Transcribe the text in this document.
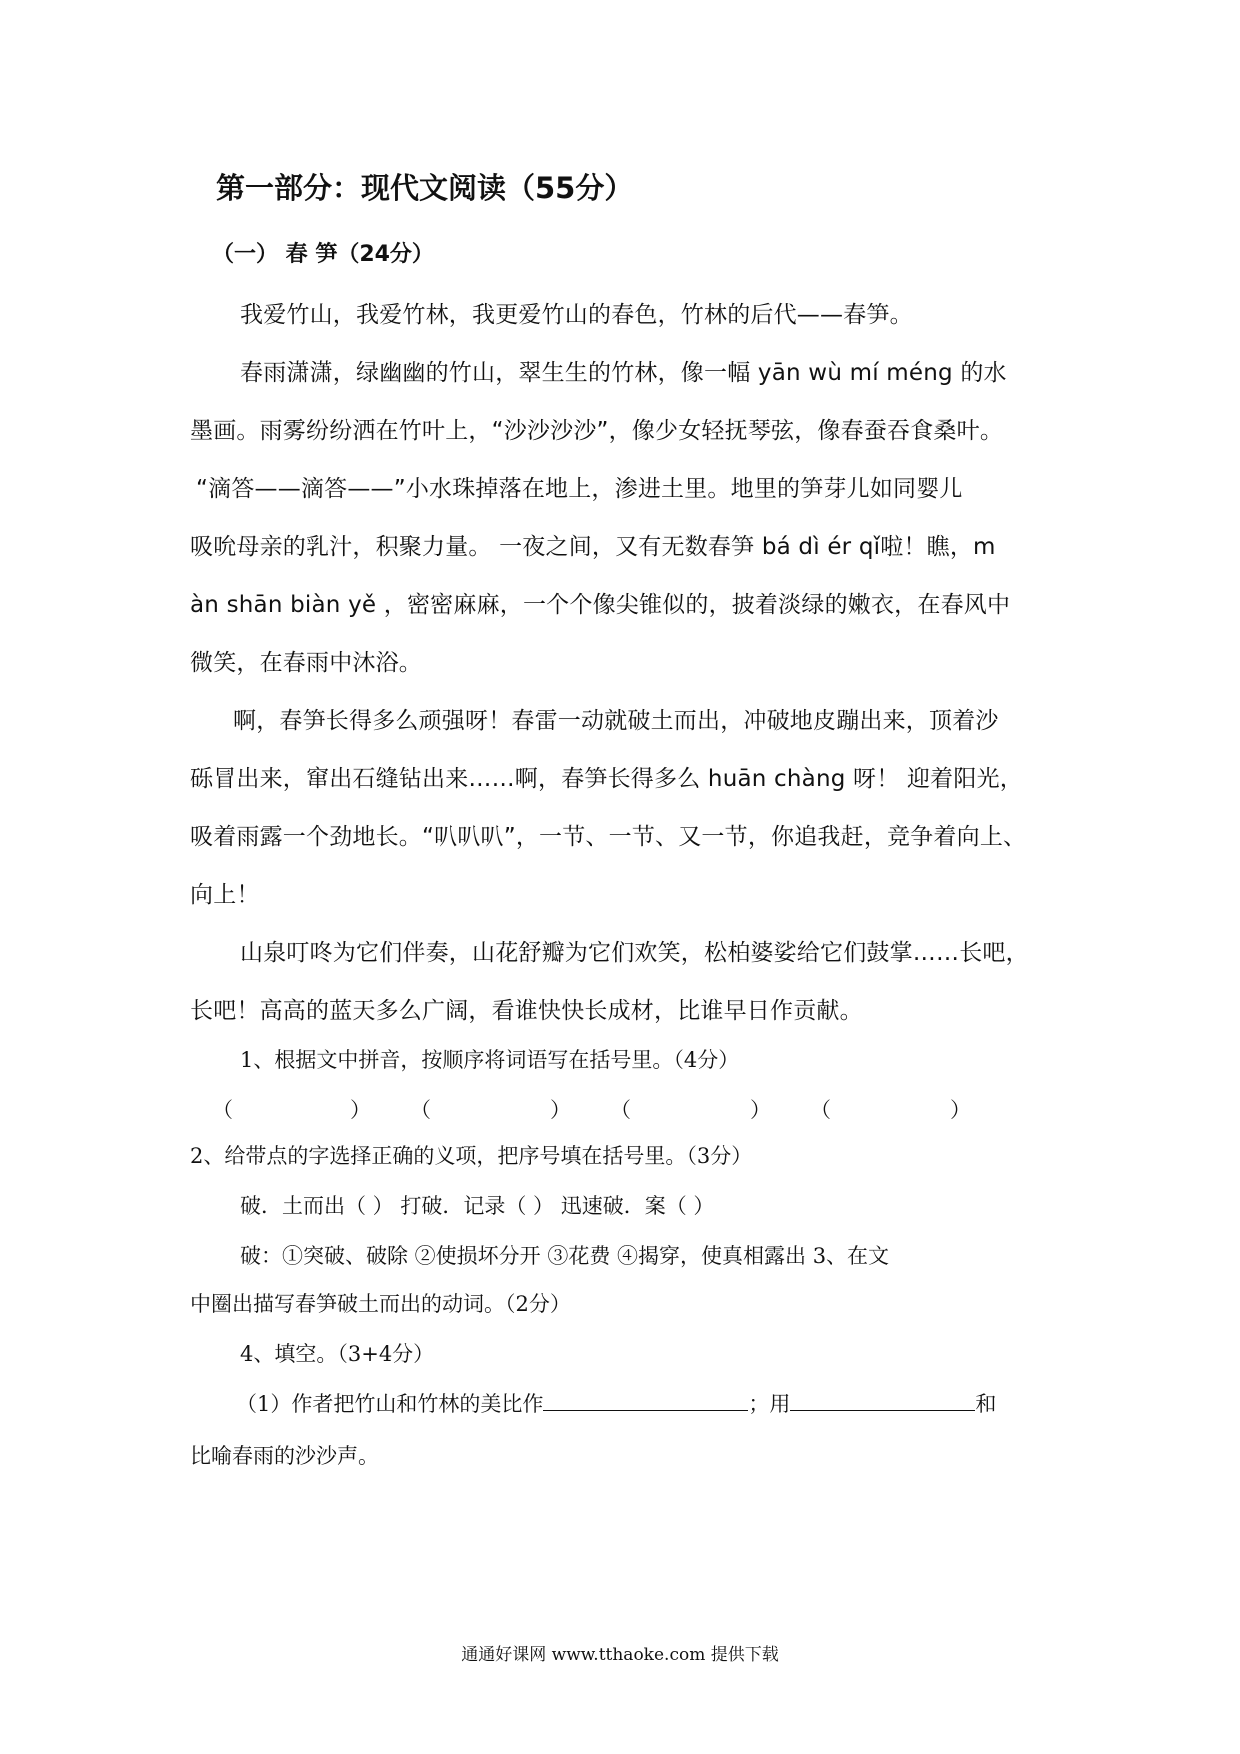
第一部分：现代文阅读（55分）
（一） 春 笋（24分）
我爱竹山，我爱竹林，我更爱竹山的春色，竹林的后代——春笋。
春雨潇潇，绿幽幽的竹山，翠生生的竹林，像一幅 yān wù mí méng 的水
墨画。雨雾纷纷洒在竹叶上，“沙沙沙沙”，像少女轻抚琴弦，像春蚕吞食桑叶。
“滴答——滴答——”小水珠掉落在地上，渗进土里。地里的笋芽儿如同婴儿
吸吮母亲的乳汁，积聚力量。 一夜之间，又有无数春笋 bá dì ér qǐ啦！瞧，m
àn shān biàn yě ，密密麻麻，一个个像尖锥似的，披着淡绿的嫩衣，在春风中
微笑，在春雨中沐浴。
啊，春笋长得多么顽强呀！春雷一动就破土而出，冲破地皮蹦出来，顶着沙
砾冒出来，窜出石缝钻出来……啊，春笋长得多么 huān chàng 呀！ 迎着阳光，
吸着雨露一个劲地长。“叭叭叭”，一节、一节、又一节，你追我赶，竞争着向上、
向上！
山泉叮咚为它们伴奏，山花舒瓣为它们欢笑，松柏婆娑给它们鼓掌……长吧，
长吧！高高的蓝天多么广阔，看谁快快长成材，比谁早日作贡献。
1、根据文中拼音，按顺序将词语写在括号里。（4分）
（	） （	） （	） （	）
2、给带点的字选择正确的义项，把序号填在括号里。（3分）
破．土而出（ ） 打破．记录（ ） 迅速破．案（ ）
破：①突破、破除 ②使损坏分开 ③花费 ④揭穿，使真相露出 3、在文
中圈出描写春笋破土而出的动词。（2分）
4、填空。（3+4分）
（1）作者把竹山和竹林的美比作	；用	和
比喻春雨的沙沙声。
通通好课网 www.tthaoke.com 提供下载
